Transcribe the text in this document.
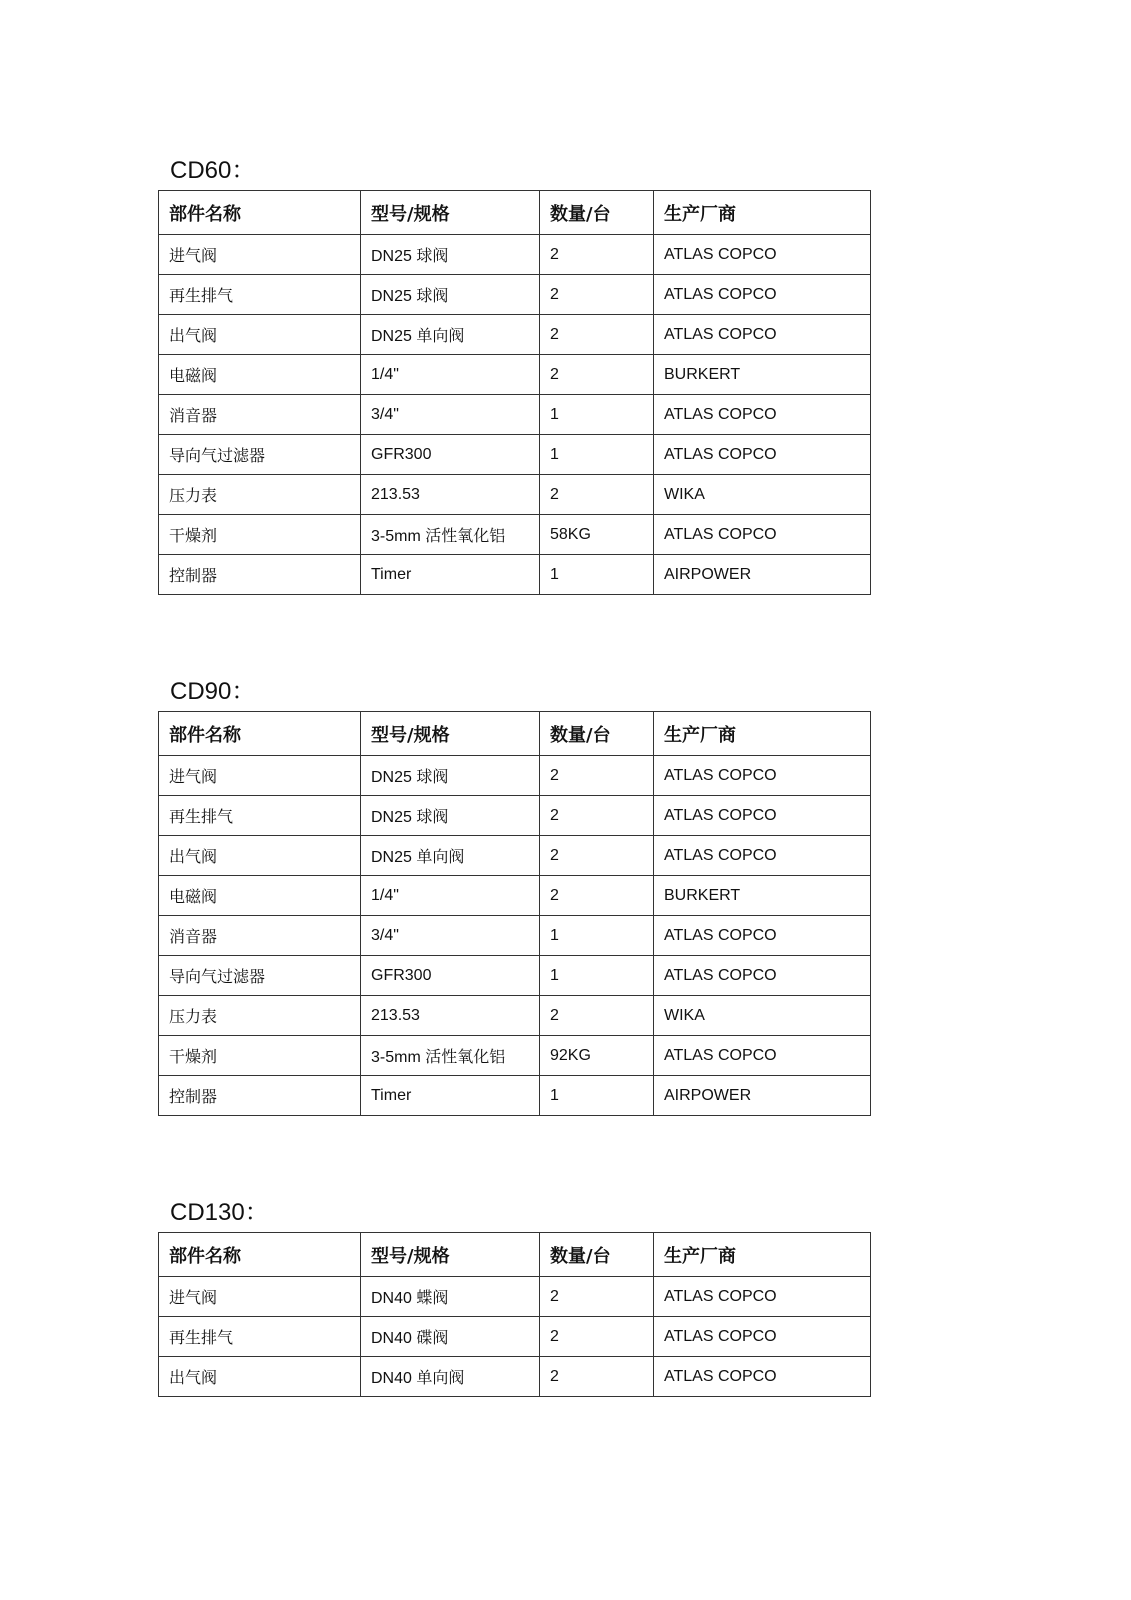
CD60：
部件名称	型号/规格	数量/台	生产厂商
进气阀	DN25 球阀	2	ATLAS COPCO
再生排气	DN25 球阀	2	ATLAS COPCO
出气阀	DN25 单向阀	2	ATLAS COPCO
电磁阀	1/4"	2	BURKERT
消音器	3/4"	1	ATLAS COPCO
导向气过滤器	GFR300	1	ATLAS COPCO
压力表	213.53	2	WIKA
干燥剂	3-5mm 活性氧化铝	58KG	ATLAS COPCO
控制器	Timer	1	AIRPOWER
CD90：
部件名称	型号/规格	数量/台	生产厂商
进气阀	DN25 球阀	2	ATLAS COPCO
再生排气	DN25 球阀	2	ATLAS COPCO
出气阀	DN25 单向阀	2	ATLAS COPCO
电磁阀	1/4"	2	BURKERT
消音器	3/4"	1	ATLAS COPCO
导向气过滤器	GFR300	1	ATLAS COPCO
压力表	213.53	2	WIKA
干燥剂	3-5mm 活性氧化铝	92KG	ATLAS COPCO
控制器	Timer	1	AIRPOWER
CD130：
部件名称	型号/规格	数量/台	生产厂商
进气阀	DN40 蝶阀	2	ATLAS COPCO
再生排气	DN40 碟阀	2	ATLAS COPCO
出气阀	DN40 单向阀	2	ATLAS COPCO
